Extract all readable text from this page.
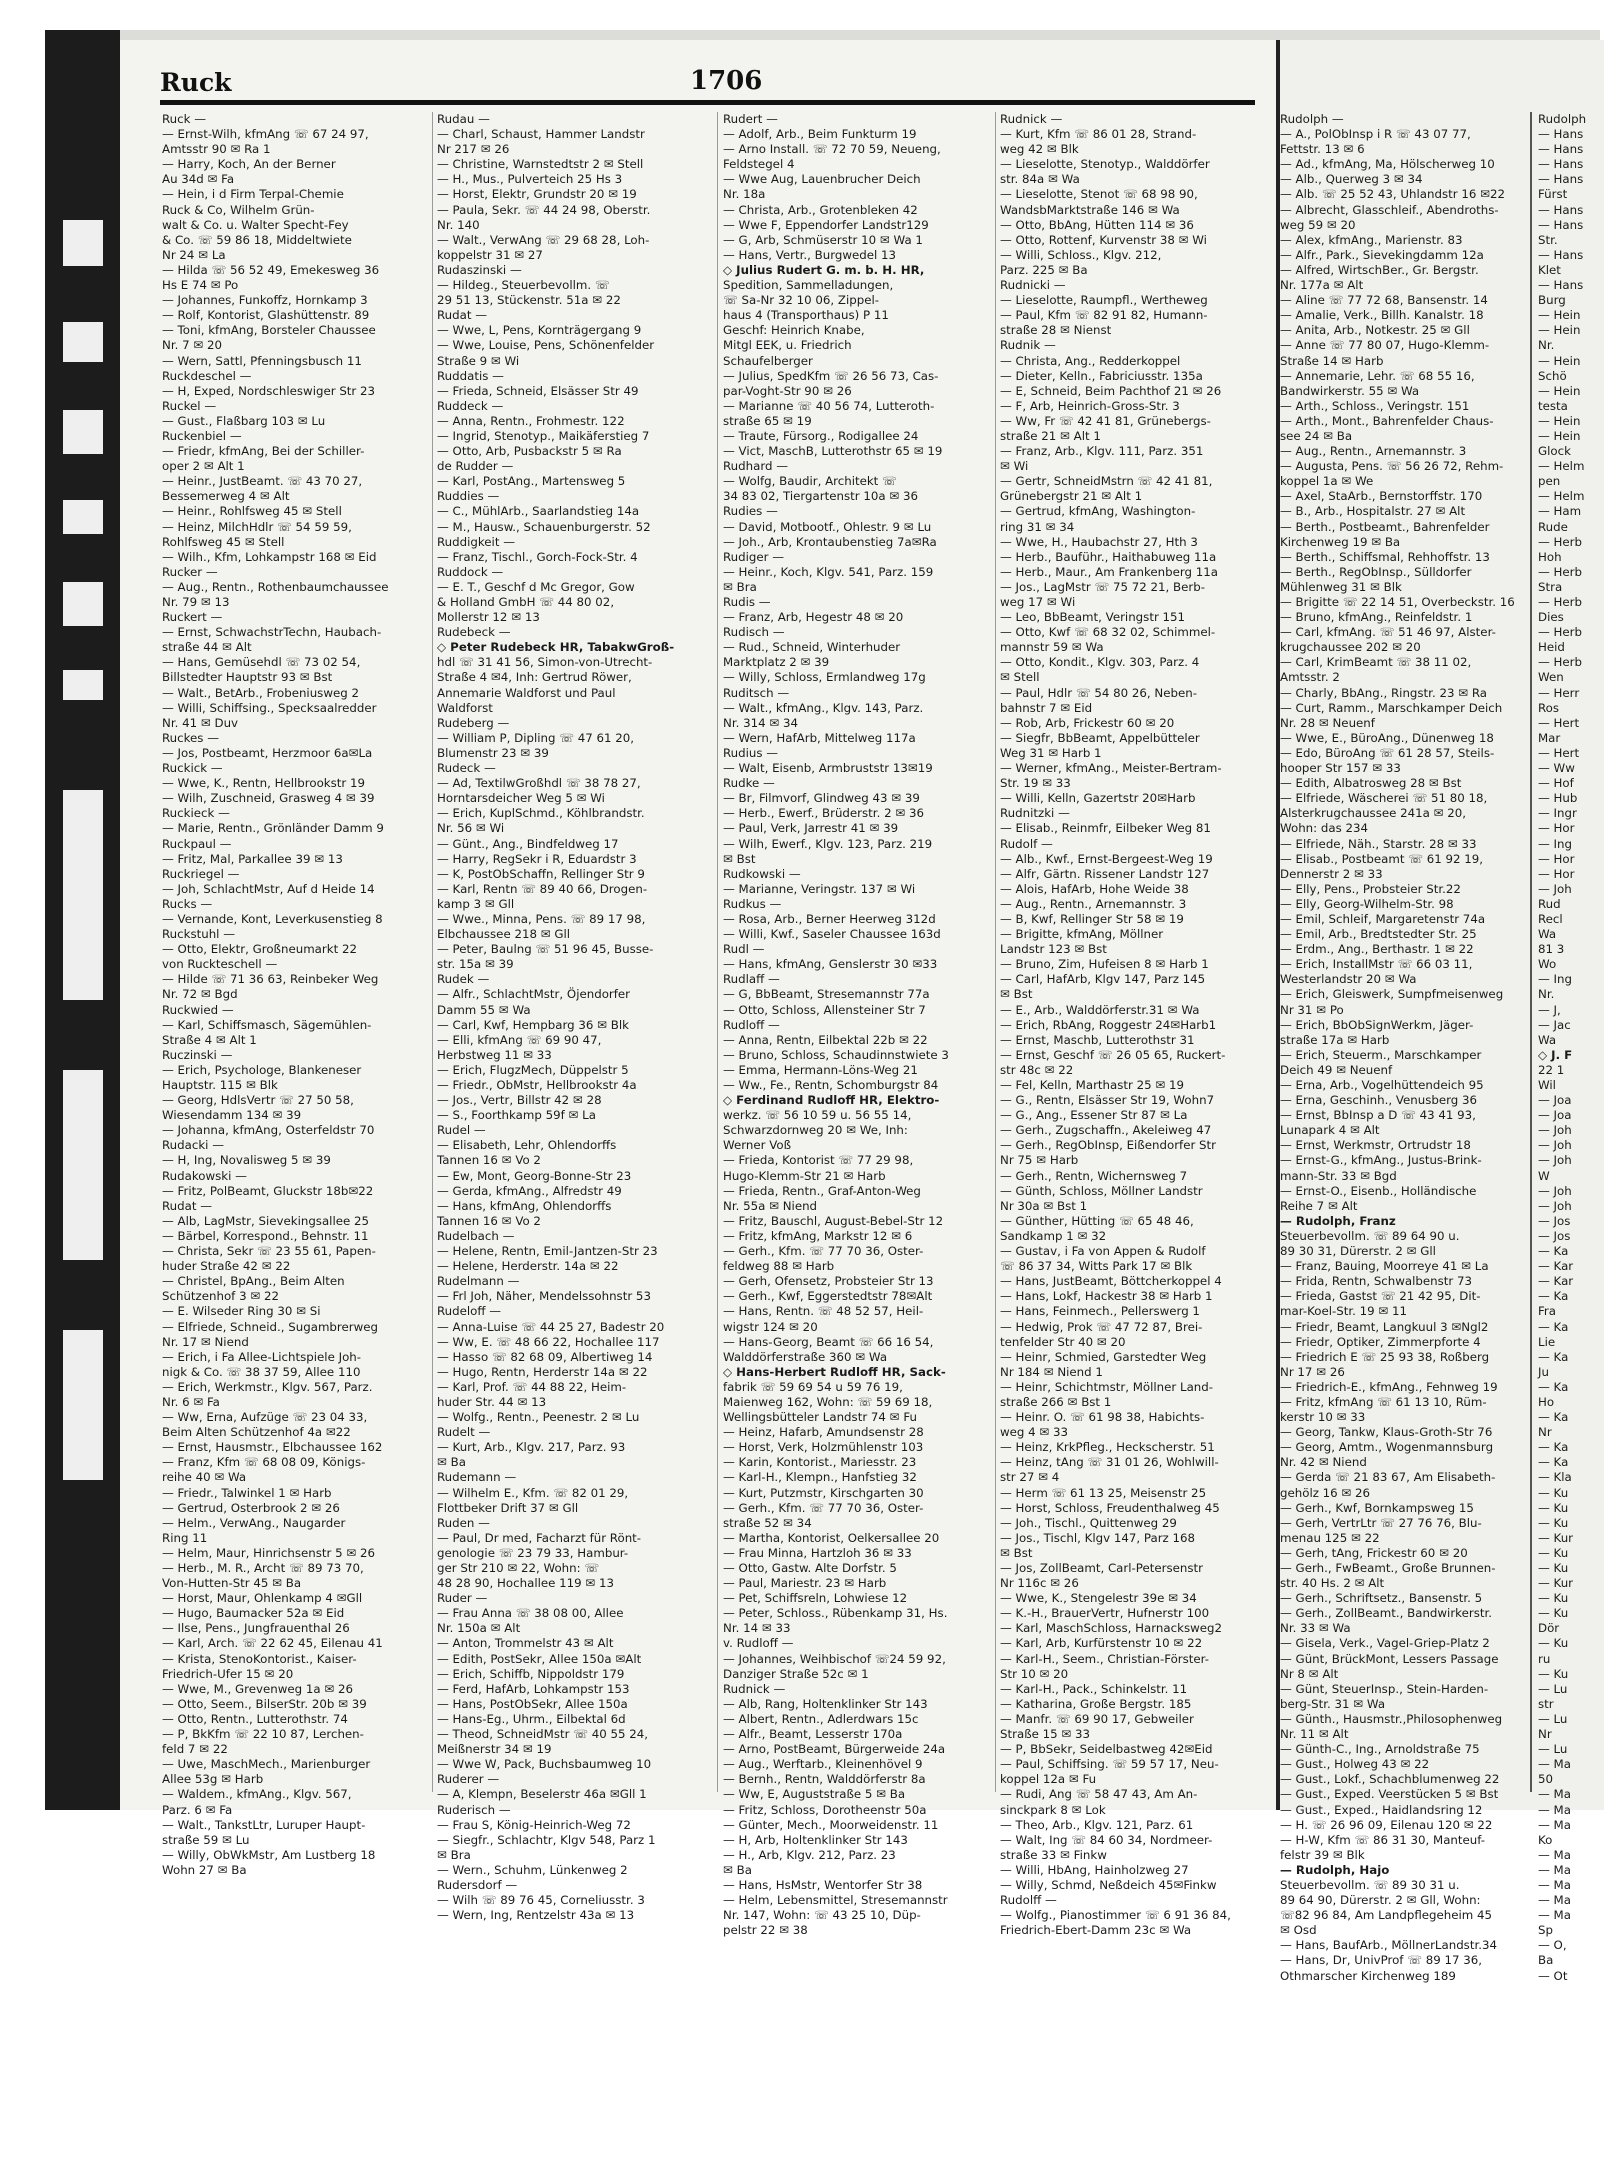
Ruck	1706
Ruck —
— Ernst-Wilh, kfmAng ☏ 67 24 97,
Amtsstr 90 ✉ Ra 1
— Harry, Koch, An der Berner
Au 34d ✉ Fa
— Hein, i d Firm Terpal-Chemie
Ruck & Co, Wilhelm Grün-
walt & Co. u. Walter Specht-Fey
& Co. ☏ 59 86 18, Middeltwiete
Nr 24 ✉ La
— Hilda ☏ 56 52 49, Emekesweg 36
Hs E 74 ✉ Po
— Johannes, Funkoffz, Hornkamp 3
— Rolf, Kontorist, Glashüttenstr. 89
— Toni, kfmAng, Borsteler Chaussee
Nr. 7 ✉ 20
— Wern, Sattl, Pfenningsbusch 11
Ruckdeschel —
— H, Exped, Nordschleswiger Str 23
Ruckel —
— Gust., Flaßbarg 103 ✉ Lu
Ruckenbiel —
— Friedr, kfmAng, Bei der Schiller-
oper 2 ✉ Alt 1
— Heinr., JustBeamt. ☏ 43 70 27,
Bessemerweg 4 ✉ Alt
— Heinr., Rohlfsweg 45 ✉ Stell
— Heinz, MilchHdlr ☏ 54 59 59,
Rohlfsweg 45 ✉ Stell
— Wilh., Kfm, Lohkampstr 168 ✉ Eid
Rucker —
— Aug., Rentn., Rothenbaumchaussee
Nr. 79 ✉ 13
Ruckert —
— Ernst, SchwachstrTechn, Haubach-
straße 44 ✉ Alt
— Hans, Gemüsehdl ☏ 73 02 54,
Billstedter Hauptstr 93 ✉ Bst
— Walt., BetArb., Frobeniusweg 2
— Willi, Schiffsing., Specksaalredder
Nr. 41 ✉ Duv
Ruckes —
— Jos, Postbeamt, Herzmoor 6a✉La
Ruckick —
— Wwe, K., Rentn, Hellbrookstr 19
— Wilh, Zuschneid, Grasweg 4 ✉ 39
Ruckieck —
— Marie, Rentn., Grönländer Damm 9
Ruckpaul —
— Fritz, Mal, Parkallee 39 ✉ 13
Ruckriegel —
— Joh, SchlachtMstr, Auf d Heide 14
Rucks —
— Vernande, Kont, Leverkusenstieg 8
Ruckstuhl —
— Otto, Elektr, Großneumarkt 22
von Ruckteschell —
— Hilde ☏ 71 36 63, Reinbeker Weg
Nr. 72 ✉ Bgd
Ruckwied —
— Karl, Schiffsmasch, Sägemühlen-
Straße 4 ✉ Alt 1
Ruczinski —
— Erich, Psychologe, Blankeneser
Hauptstr. 115 ✉ Blk
— Georg, HdlsVertr ☏ 27 50 58,
Wiesendamm 134 ✉ 39
— Johanna, kfmAng, Osterfeldstr 70
Rudacki —
— H, Ing, Novalisweg 5 ✉ 39
Rudakowski —
— Fritz, PolBeamt, Gluckstr 18b✉22
Rudat —
— Alb, LagMstr, Sievekingsallee 25
— Bärbel, Korrespond., Behnstr. 11
— Christa, Sekr ☏ 23 55 61, Papen-
huder Straße 42 ✉ 22
— Christel, BpAng., Beim Alten
Schützenhof 3 ✉ 22
— E. Wilseder Ring 30 ✉ Si
— Elfriede, Schneid., Sugambrerweg
Nr. 17 ✉ Niend
— Erich, i Fa Allee-Lichtspiele Joh-
nigk & Co. ☏ 38 37 59, Allee 110
— Erich, Werkmstr., Klgv. 567, Parz.
Nr. 6 ✉ Fa
— Ww, Erna, Aufzüge ☏ 23 04 33,
Beim Alten Schützenhof 4a ✉22
— Ernst, Hausmstr., Elbchaussee 162
— Franz, Kfm ☏ 68 08 09, Königs-
reihe 40 ✉ Wa
— Friedr., Talwinkel 1 ✉ Harb
— Gertrud, Osterbrook 2 ✉ 26
— Helm., VerwAng., Naugarder
Ring 11
— Helm, Maur, Hinrichsenstr 5 ✉ 26
— Herb., M. R., Archt ☏ 89 73 70,
Von-Hutten-Str 45 ✉ Ba
— Horst, Maur, Ohlenkamp 4 ✉Gll
— Hugo, Baumacker 52a ✉ Eid
— Ilse, Pens., Jungfrauenthal 26
— Karl, Arch. ☏ 22 62 45, Eilenau 41
— Krista, StenoKontorist., Kaiser-
Friedrich-Ufer 15 ✉ 20
— Wwe, M., Grevenweg 1a ✉ 26
— Otto, Seem., BilserStr. 20b ✉ 39
— Otto, Rentn., Lutterothstr. 74
— P, BkKfm ☏ 22 10 87, Lerchen-
feld 7 ✉ 22
— Uwe, MaschMech., Marienburger
Allee 53g ✉ Harb
— Waldem., kfmAng., Klgv. 567,
Parz. 6 ✉ Fa
— Walt., TankstLtr, Luruper Haupt-
straße 59 ✉ Lu
— Willy, ObWkMstr, Am Lustberg 18
Wohn 27 ✉ Ba
Rudau —
— Charl, Schaust, Hammer Landstr
Nr 217 ✉ 26
— Christine, Warnstedtstr 2 ✉ Stell
— H., Mus., Pulverteich 25 Hs 3
— Horst, Elektr, Grundstr 20 ✉ 19
— Paula, Sekr. ☏ 44 24 98, Oberstr.
Nr. 140
— Walt., VerwAng ☏ 29 68 28, Loh-
koppelstr 31 ✉ 27
Rudaszinski —
— Hildeg., Steuerbevollm. ☏
29 51 13, Stückenstr. 51a ✉ 22
Rudat —
— Wwe, L, Pens, Kornträgergang 9
— Wwe, Louise, Pens, Schönenfelder
Straße 9 ✉ Wi
Ruddatis —
— Frieda, Schneid, Elsässer Str 49
Ruddeck —
— Anna, Rentn., Frohmestr. 122
— Ingrid, Stenotyp., Maikäferstieg 7
— Otto, Arb, Pusbackstr 5 ✉ Ra
de Rudder —
— Karl, PostAng., Martensweg 5
Ruddies —
— C., MühlArb., Saarlandstieg 14a
— M., Hausw., Schauenburgerstr. 52
Ruddigkeit —
— Franz, Tischl., Gorch-Fock-Str. 4
Ruddock —
— E. T., Geschf d Mc Gregor, Gow
& Holland GmbH ☏ 44 80 02,
Mollerstr 12 ✉ 13
Rudebeck —
◇ Peter Rudebeck HR, TabakwGroß-
hdl ☏ 31 41 56, Simon-von-Utrecht-
Straße 4 ✉4, Inh: Gertrud Röwer,
Annemarie Waldforst und Paul
Waldforst
Rudeberg —
— William P, Dipling ☏ 47 61 20,
Blumenstr 23 ✉ 39
Rudeck —
— Ad, TextilwGroßhdl ☏ 38 78 27,
Horntarsdeicher Weg 5 ✉ Wi
— Erich, KuplSchmd., Köhlbrandstr.
Nr. 56 ✉ Wi
— Günt., Ang., Bindfeldweg 17
— Harry, RegSekr i R, Eduardstr 3
— K, PostObSchaffn, Rellinger Str 9
— Karl, Rentn ☏ 89 40 66, Drogen-
kamp 3 ✉ Gll
— Wwe., Minna, Pens. ☏ 89 17 98,
Elbchaussee 218 ✉ Gll
— Peter, Baulng ☏ 51 96 45, Busse-
str. 15a ✉ 39
Rudek —
— Alfr., SchlachtMstr, Öjendorfer
Damm 55 ✉ Wa
— Carl, Kwf, Hempbarg 36 ✉ Blk
— Elli, kfmAng ☏ 69 90 47,
Herbstweg 11 ✉ 33
— Erich, FlugzMech, Düppelstr 5
— Friedr., ObMstr, Hellbrookstr 4a
— Jos., Vertr, Billstr 42 ✉ 28
— S., Foorthkamp 59f ✉ La
Rudel —
— Elisabeth, Lehr, Ohlendorffs
Tannen 16 ✉ Vo 2
— Ew, Mont, Georg-Bonne-Str 23
— Gerda, kfmAng., Alfredstr 49
— Hans, kfmAng, Ohlendorffs
Tannen 16 ✉ Vo 2
Rudelbach —
— Helene, Rentn, Emil-Jantzen-Str 23
— Helene, Herderstr. 14a ✉ 22
Rudelmann —
— Frl Joh, Näher, Mendelssohnstr 53
Rudeloff —
— Anna-Luise ☏ 44 25 27, Badestr 20
— Ww, E. ☏ 48 66 22, Hochallee 117
— Hasso ☏ 82 68 09, Albertiweg 14
— Hugo, Rentn, Herderstr 14a ✉ 22
— Karl, Prof. ☏ 44 88 22, Heim-
huder Str. 44 ✉ 13
— Wolfg., Rentn., Peenestr. 2 ✉ Lu
Rudelt —
— Kurt, Arb., Klgv. 217, Parz. 93
✉ Ba
Rudemann —
— Wilhelm E., Kfm. ☏ 82 01 29,
Flottbeker Drift 37 ✉ Gll
Ruden —
— Paul, Dr med, Facharzt für Rönt-
genologie ☏ 23 79 33, Hambur-
ger Str 210 ✉ 22, Wohn: ☏
48 28 90, Hochallee 119 ✉ 13
Ruder —
— Frau Anna ☏ 38 08 00, Allee
Nr. 150a ✉ Alt
— Anton, Trommelstr 43 ✉ Alt
— Edith, PostSekr, Allee 150a ✉Alt
— Erich, Schiffb, Nippoldstr 179
— Ferd, HafArb, Lohkampstr 153
— Hans, PostObSekr, Allee 150a
— Hans-Eg., Uhrm., Eilbektal 6d
— Theod, SchneidMstr ☏ 40 55 24,
Meißnerstr 34 ✉ 19
— Wwe W, Pack, Buchsbaumweg 10
Ruderer —
— A, Klempn, Beselerstr 46a ✉Gll 1
Ruderisch —
— Frau S, König-Heinrich-Weg 72
— Siegfr., Schlachtr, Klgv 548, Parz 1
✉ Bra
— Wern., Schuhm, Lünkenweg 2
Rudersdorf —
— Wilh ☏ 89 76 45, Corneliusstr. 3
— Wern, Ing, Rentzelstr 43a ✉ 13
Rudert —
— Adolf, Arb., Beim Funkturm 19
— Arno Install. ☏ 72 70 59, Neueng,
Feldstegel 4
— Wwe Aug, Lauenbrucher Deich
Nr. 18a
— Christa, Arb., Grotenbleken 42
— Wwe F, Eppendorfer Landstr129
— G, Arb, Schmüserstr 10 ✉ Wa 1
— Hans, Vertr., Burgwedel 13
◇ Julius Rudert G. m. b. H. HR,
Spedition, Sammelladungen,
☏ Sa-Nr 32 10 06, Zippel-
haus 4 (Transporthaus) P 11
Geschf: Heinrich Knabe,
Mitgl EEK, u. Friedrich
Schaufelberger
— Julius, SpedKfm ☏ 26 56 73, Cas-
par-Voght-Str 90 ✉ 26
— Marianne ☏ 40 56 74, Lutteroth-
straße 65 ✉ 19
— Traute, Fürsorg., Rodigallee 24
— Vict, MaschB, Lutterothstr 65 ✉ 19
Rudhard —
— Wolfg, Baudir, Architekt ☏
34 83 02, Tiergartenstr 10a ✉ 36
Rudies —
— David, Motbootf., Ohlestr. 9 ✉ Lu
— Joh., Arb, Krontaubenstieg 7a✉Ra
Rudiger —
— Heinr., Koch, Klgv. 541, Parz. 159
✉ Bra
Rudis —
— Franz, Arb, Hegestr 48 ✉ 20
Rudisch —
— Rud., Schneid, Winterhuder
Marktplatz 2 ✉ 39
— Willy, Schloss, Ermlandweg 17g
Ruditsch —
— Walt., kfmAng., Klgv. 143, Parz.
Nr. 314 ✉ 34
— Wern, HafArb, Mittelweg 117a
Rudius —
— Walt, Eisenb, Armbruststr 13✉19
Rudke —
— Br, Filmvorf, Glindweg 43 ✉ 39
— Herb., Ewerf., Brüderstr. 2 ✉ 36
— Paul, Verk, Jarrestr 41 ✉ 39
— Wilh, Ewerf., Klgv. 123, Parz. 219
✉ Bst
Rudkowski —
— Marianne, Veringstr. 137 ✉ Wi
Rudkus —
— Rosa, Arb., Berner Heerweg 312d
— Willi, Kwf., Saseler Chaussee 163d
Rudl —
— Hans, kfmAng, Genslerstr 30 ✉33
Rudlaff —
— G, BbBeamt, Stresemannstr 77a
— Otto, Schloss, Allensteiner Str 7
Rudloff —
— Anna, Rentn, Eilbektal 22b ✉ 22
— Bruno, Schloss, Schaudinnstwiete 3
— Emma, Hermann-Löns-Weg 21
— Ww., Fe., Rentn, Schomburgstr 84
◇ Ferdinand Rudloff HR, Elektro-
werkz. ☏ 56 10 59 u. 56 55 14,
Schwarzdornweg 20 ✉ We, Inh:
Werner Voß
— Frieda, Kontorist ☏ 77 29 98,
Hugo-Klemm-Str 21 ✉ Harb
— Frieda, Rentn., Graf-Anton-Weg
Nr. 55a ✉ Niend
— Fritz, Bauschl, August-Bebel-Str 12
— Fritz, kfmAng, Markstr 12 ✉ 6
— Gerh., Kfm. ☏ 77 70 36, Oster-
feldweg 88 ✉ Harb
— Gerh, Ofensetz, Probsteier Str 13
— Gerh., Kwf, Eggerstedtstr 78✉Alt
— Hans, Rentn. ☏ 48 52 57, Heil-
wigstr 124 ✉ 20
— Hans-Georg, Beamt ☏ 66 16 54,
Walddörferstraße 360 ✉ Wa
◇ Hans-Herbert Rudloff HR, Sack-
fabrik ☏ 59 69 54 u 59 76 19,
Maienweg 162, Wohn: ☏ 59 69 18,
Wellingsbütteler Landstr 74 ✉ Fu
— Heinz, Hafarb, Amundsenstr 28
— Horst, Verk, Holzmühlenstr 103
— Karin, Kontorist., Mariesstr. 23
— Karl-H., Klempn., Hanfstieg 32
— Kurt, Putzmstr, Kirschgarten 30
— Gerh., Kfm. ☏ 77 70 36, Oster-
straße 52 ✉ 34
— Martha, Kontorist, Oelkersallee 20
— Frau Minna, Hartzloh 36 ✉ 33
— Otto, Gastw. Alte Dorfstr. 5
— Paul, Mariestr. 23 ✉ Harb
— Pet, Schiffsreln, Lohwiese 12
— Peter, Schloss., Rübenkamp 31, Hs.
Nr. 14 ✉ 33
v. Rudloff —
— Johannes, Weihbischof ☏24 59 92,
Danziger Straße 52c ✉ 1
Rudnick —
— Alb, Rang, Holtenklinker Str 143
— Albert, Rentn., Adlerdwars 15c
— Alfr., Beamt, Lesserstr 170a
— Arno, PostBeamt, Bürgerweide 24a
— Aug., Werftarb., Kleinenhövel 9
— Bernh., Rentn, Walddörferstr 8a
— Ww, E, Auguststraße 5 ✉ Ba
— Fritz, Schloss, Dorotheenstr 50a
— Günter, Mech., Moorweidenstr. 11
— H, Arb, Holtenklinker Str 143
— H., Arb, Klgv. 212, Parz. 23
✉ Ba
— Hans, HsMstr, Wentorfer Str 38
— Helm, Lebensmittel, Stresemannstr
Nr. 147, Wohn: ☏ 43 25 10, Düp-
pelstr 22 ✉ 38
Rudnick —
— Kurt, Kfm ☏ 86 01 28, Strand-
weg 42 ✉ Blk
— Lieselotte, Stenotyp., Walddörfer
str. 84a ✉ Wa
— Lieselotte, Stenot ☏ 68 98 90,
WandsbMarktstraße 146 ✉ Wa
— Otto, BbAng, Hütten 114 ✉ 36
— Otto, Rottenf, Kurvenstr 38 ✉ Wi
— Willi, Schloss., Klgv. 212,
Parz. 225 ✉ Ba
Rudnicki —
— Lieselotte, Raumpfl., Wertheweg
— Paul, Kfm ☏ 82 91 82, Humann-
straße 28 ✉ Nienst
Rudnik —
— Christa, Ang., Redderkoppel
— Dieter, Kelln., Fabriciusstr. 135a
— E, Schneid, Beim Pachthof 21 ✉ 26
— F, Arb, Heinrich-Gross-Str. 3
— Ww, Fr ☏ 42 41 81, Grünebergs-
straße 21 ✉ Alt 1
— Franz, Arb., Klgv. 111, Parz. 351
✉ Wi
— Gertr, SchneidMstrn ☏ 42 41 81,
Grünebergstr 21 ✉ Alt 1
— Gertrud, kfmAng, Washington-
ring 31 ✉ 34
— Wwe, H., Haubachstr 27, Hth 3
— Herb., Bauführ., Haithabuweg 11a
— Herb., Maur., Am Frankenberg 11a
— Jos., LagMstr ☏ 75 72 21, Berb-
weg 17 ✉ Wi
— Leo, BbBeamt, Veringstr 151
— Otto, Kwf ☏ 68 32 02, Schimmel-
mannstr 59 ✉ Wa
— Otto, Kondit., Klgv. 303, Parz. 4
✉ Stell
— Paul, Hdlr ☏ 54 80 26, Neben-
bahnstr 7 ✉ Eid
— Rob, Arb, Frickestr 60 ✉ 20
— Siegfr, BbBeamt, Appelbütteler
Weg 31 ✉ Harb 1
— Werner, kfmAng., Meister-Bertram-
Str. 19 ✉ 33
— Willi, Kelln, Gazertstr 20✉Harb
Rudnitzki —
— Elisab., Reinmfr, Eilbeker Weg 81
Rudolf —
— Alb., Kwf., Ernst-Bergeest-Weg 19
— Alfr, Gärtn. Rissener Landstr 127
— Alois, HafArb, Hohe Weide 38
— Aug., Rentn., Arnemannstr. 3
— B, Kwf, Rellinger Str 58 ✉ 19
— Brigitte, kfmAng, Möllner
Landstr 123 ✉ Bst
— Bruno, Zim, Hufeisen 8 ✉ Harb 1
— Carl, HafArb, Klgv 147, Parz 145
✉ Bst
— E., Arb., Walddörferstr.31 ✉ Wa
— Erich, RbAng, Roggestr 24✉Harb1
— Ernst, Maschb, Lutterothstr 31
— Ernst, Geschf ☏ 26 05 65, Ruckert-
str 48c ✉ 22
— Fel, Kelln, Marthastr 25 ✉ 19
— G., Rentn, Elsässer Str 19, Wohn7
— G., Ang., Essener Str 87 ✉ La
— Gerh., Zugschaffn., Akeleiweg 47
— Gerh., RegObInsp, Eißendorfer Str
Nr 75 ✉ Harb
— Gerh., Rentn, Wichernsweg 7
— Günth, Schloss, Möllner Landstr
Nr 30a ✉ Bst 1
— Günther, Hütting ☏ 65 48 46,
Sandkamp 1 ✉ 32
— Gustav, i Fa von Appen & Rudolf
☏ 86 37 34, Witts Park 17 ✉ Blk
— Hans, JustBeamt, Böttcherkoppel 4
— Hans, Lokf, Hackestr 38 ✉ Harb 1
— Hans, Feinmech., Pellerswerg 1
— Hedwig, Prok ☏ 47 72 87, Brei-
tenfelder Str 40 ✉ 20
— Heinr, Schmied, Garstedter Weg
Nr 184 ✉ Niend 1
— Heinr, Schichtmstr, Möllner Land-
straße 266 ✉ Bst 1
— Heinr. O. ☏ 61 98 38, Habichts-
weg 4 ✉ 33
— Heinz, KrkPfleg., Heckscherstr. 51
— Heinz, tAng ☏ 31 01 26, Wohlwill-
str 27 ✉ 4
— Herm ☏ 61 13 25, Meisenstr 25
— Horst, Schloss, Freudenthalweg 45
— Joh., Tischl., Quittenweg 29
— Jos., Tischl, Klgv 147, Parz 168
✉ Bst
— Jos, ZollBeamt, Carl-Petersenstr
Nr 116c ✉ 26
— Wwe, K., Stengelestr 39e ✉ 34
— K.-H., BrauerVertr, Hufnerstr 100
— Karl, MaschSchloss, Harnacksweg2
— Karl, Arb, Kurfürstenstr 10 ✉ 22
— Karl-H., Seem., Christian-Förster-
Str 10 ✉ 20
— Karl-H., Pack., Schinkelstr. 11
— Katharina, Große Bergstr. 185
— Manfr. ☏ 69 90 17, Gebweiler
Straße 15 ✉ 33
— P, BbSekr, Seidelbastweg 42✉Eid
— Paul, Schiffsing. ☏ 59 57 17, Neu-
koppel 12a ✉ Fu
— Rudi, Ang ☏ 58 47 43, Am An-
sinckpark 8 ✉ Lok
— Theo, Arb., Klgv. 121, Parz. 61
— Walt, Ing ☏ 84 60 34, Nordmeer-
straße 33 ✉ Finkw
— Willi, HbAng, Hainholzweg 27
— Willy, Schmd, Neßdeich 45✉Finkw
Rudolff —
— Wolfg., Pianostimmer ☏ 6 91 36 84,
Friedrich-Ebert-Damm 23c ✉ Wa
Rudolph —
— A., PolObInsp i R ☏ 43 07 77,
Fettstr. 13 ✉ 6
— Ad., kfmAng, Ma, Hölscherweg 10
— Alb., Querweg 3 ✉ 34
— Alb. ☏ 25 52 43, Uhlandstr 16 ✉22
— Albrecht, Glasschleif., Abendroths-
weg 59 ✉ 20
— Alex, kfmAng., Marienstr. 83
— Alfr., Park., Sievekingdamm 12a
— Alfred, WirtschBer., Gr. Bergstr.
Nr. 177a ✉ Alt
— Aline ☏ 77 72 68, Bansenstr. 14
— Amalie, Verk., Billh. Kanalstr. 18
— Anita, Arb., Notkestr. 25 ✉ Gll
— Anne ☏ 77 80 07, Hugo-Klemm-
Straße 14 ✉ Harb
— Annemarie, Lehr. ☏ 68 55 16,
Bandwirkerstr. 55 ✉ Wa
— Arth., Schloss., Veringstr. 151
— Arth., Mont., Bahrenfelder Chaus-
see 24 ✉ Ba
— Aug., Rentn., Arnemannstr. 3
— Augusta, Pens. ☏ 56 26 72, Rehm-
koppel 1a ✉ We
— Axel, StaArb., Bernstorffstr. 170
— B., Arb., Hospitalstr. 27 ✉ Alt
— Berth., Postbeamt., Bahrenfelder
Kirchenweg 19 ✉ Ba
— Berth., Schiffsmal, Rehhoffstr. 13
— Berth., RegObInsp., Sülldorfer
Mühlenweg 31 ✉ Blk
— Brigitte ☏ 22 14 51, Overbeckstr. 16
— Bruno, kfmAng., Reinfeldstr. 1
— Carl, kfmAng. ☏ 51 46 97, Alster-
krugchaussee 202 ✉ 20
— Carl, KrimBeamt ☏ 38 11 02,
Amtsstr. 2
— Charly, BbAng., Ringstr. 23 ✉ Ra
— Curt, Ramm., Marschkamper Deich
Nr. 28 ✉ Neuenf
— Wwe, E., BüroAng., Dünenweg 18
— Edo, BüroAng ☏ 61 28 57, Steils-
hooper Str 157 ✉ 33
— Edith, Albatrosweg 28 ✉ Bst
— Elfriede, Wäscherei ☏ 51 80 18,
Alsterkrugchaussee 241a ✉ 20,
Wohn: das 234
— Elfriede, Näh., Starstr. 28 ✉ 33
— Elisab., Postbeamt ☏ 61 92 19,
Dennerstr 2 ✉ 33
— Elly, Pens., Probsteier Str.22
— Elly, Georg-Wilhelm-Str. 98
— Emil, Schleif, Margaretenstr 74a
— Emil, Arb., Bredtstedter Str. 25
— Erdm., Ang., Berthastr. 1 ✉ 22
— Erich, InstallMstr ☏ 66 03 11,
Westerlandstr 20 ✉ Wa
— Erich, Gleiswerk, Sumpfmeisenweg
Nr 31 ✉ Po
— Erich, BbObSignWerkm, Jäger-
straße 17a ✉ Harb
— Erich, Steuerm., Marschkamper
Deich 49 ✉ Neuenf
— Erna, Arb., Vogelhüttendeich 95
— Erna, Geschinh., Venusberg 36
— Ernst, BbInsp a D ☏ 43 41 93,
Lunapark 4 ✉ Alt
— Ernst, Werkmstr, Ortrudstr 18
— Ernst-G., kfmAng., Justus-Brink-
mann-Str. 33 ✉ Bgd
— Ernst-O., Eisenb., Holländische
Reihe 7 ✉ Alt
— Rudolph, Franz
Steuerbevollm. ☏ 89 64 90 u.
89 30 31, Dürerstr. 2 ✉ Gll
— Franz, Bauing, Moorreye 41 ✉ La
— Frida, Rentn, Schwalbenstr 73
— Frieda, Gastst ☏ 21 42 95, Dit-
mar-Koel-Str. 19 ✉ 11
— Friedr, Beamt, Langkuul 3 ✉Ngl2
— Friedr, Optiker, Zimmerpforte 4
— Friedrich E ☏ 25 93 38, Roßberg
Nr 17 ✉ 26
— Friedrich-E., kfmAng., Fehnweg 19
— Fritz, kfmAng ☏ 61 13 10, Rüm-
kerstr 10 ✉ 33
— Georg, Tankw, Klaus-Groth-Str 76
— Georg, Amtm., Wogenmannsburg
Nr. 42 ✉ Niend
— Gerda ☏ 21 83 67, Am Elisabeth-
gehölz 16 ✉ 26
— Gerh., Kwf, Bornkampsweg 15
— Gerh, VertrLtr ☏ 27 76 76, Blu-
menau 125 ✉ 22
— Gerh, tAng, Frickestr 60 ✉ 20
— Gerh., FwBeamt., Große Brunnen-
str. 40 Hs. 2 ✉ Alt
— Gerh., Schriftsetz., Bansenstr. 5
— Gerh., ZollBeamt., Bandwirkerstr.
Nr. 33 ✉ Wa
— Gisela, Verk., Vagel-Griep-Platz 2
— Günt, BrückMont, Lessers Passage
Nr 8 ✉ Alt
— Günt, SteuerInsp., Stein-Harden-
berg-Str. 31 ✉ Wa
— Günth., Hausmstr.,Philosophenweg
Nr. 11 ✉ Alt
— Günth-C., Ing., Arnoldstraße 75
— Gust., Holweg 43 ✉ 22
— Gust., Lokf., Schachblumenweg 22
— Gust., Exped. Veerstücken 5 ✉ Bst
— Gust., Exped., Haidlandsring 12
— H. ☏ 26 96 09, Eilenau 120 ✉ 22
— H-W, Kfm ☏ 86 31 30, Manteuf-
felstr 39 ✉ Blk
— Rudolph, Hajo
Steuerbevollm. ☏ 89 30 31 u.
89 64 90, Dürerstr. 2 ✉ Gll, Wohn:
☏82 96 84, Am Landpflegeheim 45
✉ Osd
— Hans, BaufArb., MöllnerLandstr.34
— Hans, Dr, UnivProf ☏ 89 17 36,
Othmarscher Kirchenweg 189
Rudolph
— Hans
— Hans
— Hans
— Hans
Fürst
— Hans
— Hans
Str.
— Hans
Klet
— Hans
Burg
— Hein
— Hein
Nr.
— Hein
Schö
— Hein
testa
— Hein
— Hein
Glock
— Helm
pen
— Helm
— Ham
Rude
— Herb
Hoh
— Herb
Stra
— Herb
Dies
— Herb
Heid
— Herb
Wen
— Herr
Ros
— Hert
Mar
— Hert
— Ww
— Hof
— Hub
— Ingr
— Hor
— Ing
— Hor
— Hor
— Joh
Rud
Recl
Wa
81 3
Wo
— Ing
Nr.
— J,
— Jac
Wa
◇ J. F
22 1
Wil
— Joa
— Joa
— Joh
— Joh
— Joh
W
— Joh
— Joh
— Jos
— Jos
— Ka
— Kar
— Kar
— Ka
Fra
— Ka
Lie
— Ka
Ju
— Ka
Ho
— Ka
Nr
— Ka
— Ka
— Kla
— Ku
— Ku
— Ku
— Kur
— Ku
— Ku
— Kur
— Ku
— Ku
Dör
— Ku
ru
— Ku
— Lu
str
— Lu
Nr
— Lu
— Ma
50
— Ma
— Ma
— Ma
Ko
— Ma
— Ma
— Ma
— Ma
— Ma
Sp
— O,
Ba
— Ot
